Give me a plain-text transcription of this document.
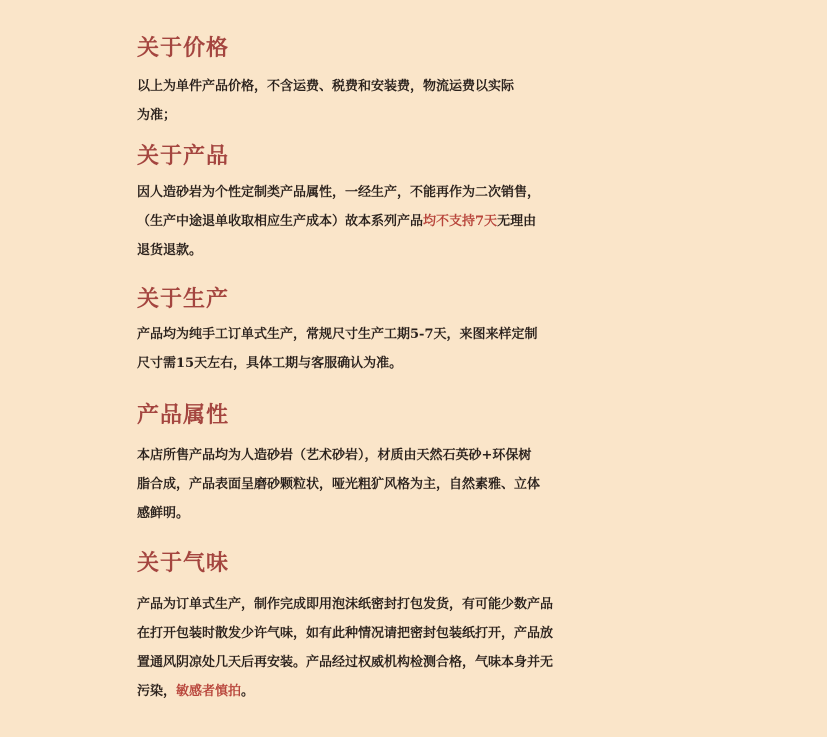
关于价格
以上为单件产品价格，不含运费、税费和安装费，物流运费以实际
为准；
关于产品
因人造砂岩为个性定制类产品属性，一经生产，不能再作为二次销售，
（生产中途退单收取相应生产成本）故本系列产品均不支持7天无理由
退货退款。
关于生产
产品均为纯手工订单式生产，常规尺寸生产工期5-7天，来图来样定制
尺寸需15天左右，具体工期与客服确认为准。
产品属性
本店所售产品均为人造砂岩（艺术砂岩），材质由天然石英砂+环保树
脂合成，产品表面呈磨砂颗粒状，哑光粗犷风格为主，自然素雅、立体
感鲜明。
关于气味
产品为订单式生产，制作完成即用泡沫纸密封打包发货，有可能少数产品
在打开包装时散发少许气味，如有此种情况请把密封包装纸打开，产品放
置通风阴凉处几天后再安装。产品经过权威机构检测合格，气味本身并无
污染，敏感者慎拍。
